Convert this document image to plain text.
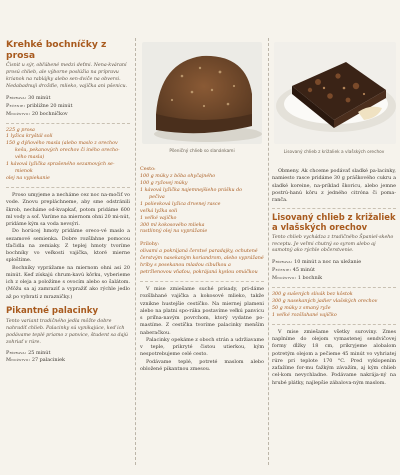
Krehké bochníčky z prosa

Čisnit u sýr, obľúbené medzi deťmi. Nena-kváraní prosú chlieb, ale výborne poslúžia na prípravu krianok na rablájky alebo sen-dviče na obversi. Nedabadnuji drožďie, mlieko, vajíčka ani pšenicu.

Príprava: 30 minút

Pečenie: približne 20 minút

Množstvo: 20 bochníčkov

225 g prosa
1 lyžica kryštál soli
150 g dýňového masla (alebo maslo z orechov

kešu, pekanových orechov či iného orecho-
vého masla)
1 kávová lyžička sprašeného sezamových se-

mienok
olej na vypiekanie

Proso umyjeme a necháme cez noc na-močiť vo vode. Znovu prepláchneme, aby sme odstránili škrob, necháme od-kvapkať, potom pridáme 600 ml vody a soľ. Varíme na miernom ohni 20 mi-nút, pridáme kým sa voda nevsýri.

Do horúcej hmoty pridáme oreco-vé maslo a sezamové semienka. Dobre rozšľahne pomocou tľačidla na zemiaky. Z teplej hmoty tvoríme bochníky vo veľkosti vajíčka, ktoré mierne sploštíme.

Bochníky vyprážame na miernom ohni asi 20 minút. Keď získajú chrum-kavú kôrku, vyberieme ich z oleja a položíme s ovocím alebo so šalátom. (Môžu sa aj zamraziť a vypražiť ako rýchle jedlo až po vybratí z mrazničky.)

Pikantné palacinky

Tento variant tradičného jedla môžte dobre nahradiť chlieb. Palacinky sú vynikajúce, keď ich podávame teplé priamo z panvice, študent sa dajú zohriať v rúre.

Príprava: 25 minút

Množstvo: 27 palaciniek

Pšeničný chlieb so slanánkami

Cesto:

100 g múky z bôba ohyčajného
100 g ryžovej múky
1 kávová lyžička najemnejšieho prášku do

pečiva
1 polievková lyžica drvenej rasce
veľká lyžka soli
1 veľké vajíčko
300 ml kokosového mlieka
rastlinný olej na vyprážanie

Prílohy:

olivami a pokrájaná čerstvé paradajky, ochutené čerstvým nasekaným koriandrom, alebo vyprážané hríby s posekanou mladou cibuľkou a petržlenovou vňaťou, pokrájaná kyslou omáčkou

V mise zmiešame suché prísady, pri-dáme rozšľahané vajíčka a kokosové mlieko, takže vznikne hustejšie cestíčko. Na miernej plameni alebo na platni spo-rákа postavíme veľkú panvicu s priľna-navým povrchom, ktorý vydatne po-mastíme. Z cestíčka tvoríme palacinky menším naberačkou.

Palacinky opekáme z oboch strán a udržiavame v teple, prikryté čistou utierkou, kým nespotrebujeme celé cesto.

Podávame teplé, potreté maslom alebo obložené pikantnou zmesou.

Lisovaný chlieb z križaliek a vlašských orechov

Obmeny. Ak chceme podávať sladké pa-lacinky, namiesto rasce pridáme 30 g práškového cukru a sladké koreine, na-príklad škoricu, alebo jemne postrú-hanú kôru z jedného citróna či poma-ranča.

Lisovaný chlieb z križaliek a vlašských orechov

Tento chlieb vychádza z tradičného Španiel-skeho receptu. Je veľmi chutný so syrom alebo aj samotný ako rýchle občerstvenie.

Príprava: 10 minút a noc na uležanie

Pečenie: 45 minút

Množstvo: 1 bochník

300 g sušených slivák bez kôstok
300 g nasekaných jadier vlašských orechov
50 g múky z smaný ryže
1 veľké rozšľahané vajíčko

V mise zmiešame všetky suroviny. Zmes naplníme do olejom vymastenej sendvičovej formy dĺžky 18 cm, prikryjeme alobalom potretým olejom a pečieme 45 minút vo vyhriatej rúre pri teplote 170 °C. Pred vyklopením zaťažíme for-mu ťažkým závažím, aj kým chlieb cel-kom nevychladne. Podávame nakrája-ný na hrubé plátky, najlepšie zábalova-ným maslom.
